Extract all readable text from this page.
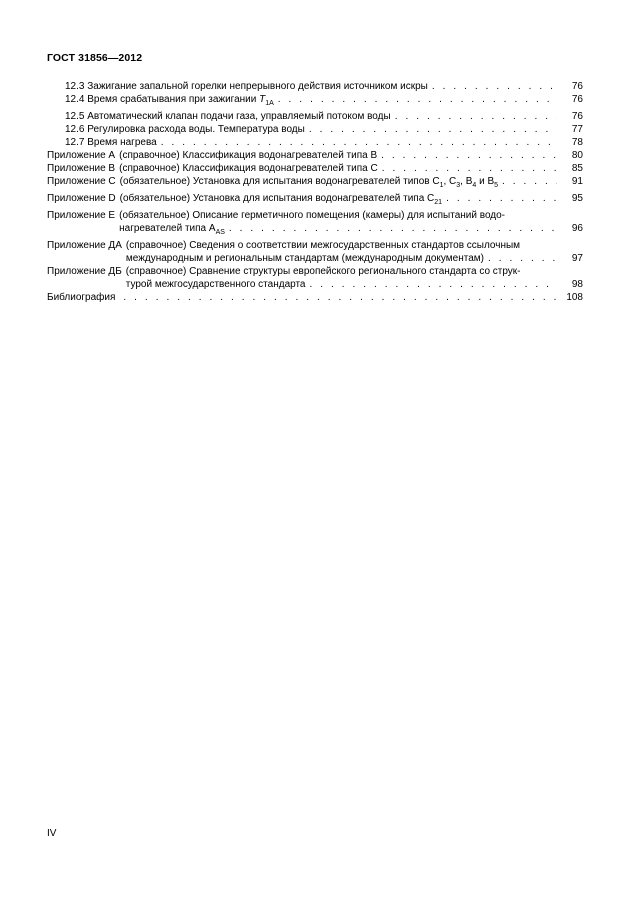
ГОСТ 31856—2012
12.3 Зажигание запальной горелки непрерывного действия источником искры . . .	76
12.4 Время срабатывания при зажигании $T_{1A}$ . . .	76
12.5 Автоматический клапан подачи газа, управляемый потоком воды . . .	76
12.6 Регулировка расхода воды. Температура воды . . .	77
12.7 Время нагрева . . .	78
Приложение A (справочное) Классификация водонагревателей типа B . . .	80
Приложение B (справочное) Классификация водонагревателей типа C . . .	85
Приложение C (обязательное) Установка для испытания водонагревателей типов $C_1$, $C_3$, $B_4$ и $B_5$ . . .	91
Приложение D (обязательное) Установка для испытания водонагревателей типа $C_{21}$ . . .	95
Приложение E (обязательное) Описание герметичного помещения (камеры) для испытаний водо-
нагревателей типа $A_{AS}$ . . .	96
Приложение ДА (справочное) Сведения о соответствии межгосударственных стандартов ссылочным
международным и региональным стандартам (международным документам) . . .	97
Приложение ДБ (справочное) Сравнение структуры европейского регионального стандарта со струк-
турой межгосударственного стандарта . . .	98
Библиография . . .	108
IV
